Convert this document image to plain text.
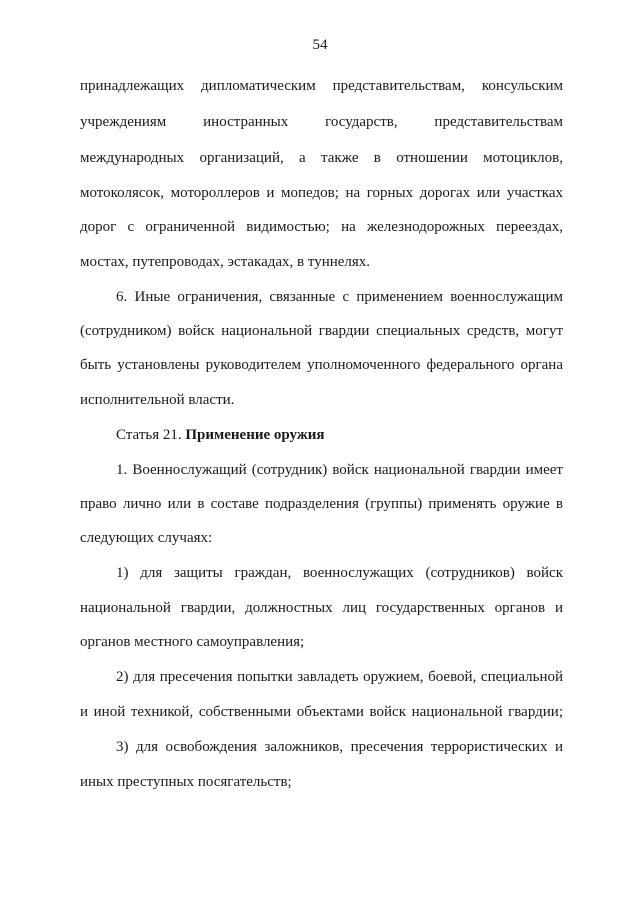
54
принадлежащих дипломатическим представительствам, консульским
учреждениям иностранных государств, представительствам
международных организаций, а также в отношении мотоциклов,
мотоколясок, мотороллеров и мопедов; на горных дорогах или участках
дорог с ограниченной видимостью; на железнодорожных переездах,
мостах, путепроводах, эстакадах, в туннелях.
6. Иные ограничения, связанные с применением военнослужащим
(сотрудником) войск национальной гвардии специальных средств, могут
быть установлены руководителем уполномоченного федерального органа
исполнительной власти.
Статья 21. Применение оружия
1. Военнослужащий (сотрудник) войск национальной гвардии имеет
право лично или в составе подразделения (группы) применять оружие в
следующих случаях:
1) для защиты граждан, военнослужащих (сотрудников) войск
национальной гвардии, должностных лиц государственных органов и
органов местного самоуправления;
2) для пресечения попытки завладеть оружием, боевой, специальной
и иной техникой, собственными объектами войск национальной гвардии;
3) для освобождения заложников, пресечения террористических и
иных преступных посягательств;
